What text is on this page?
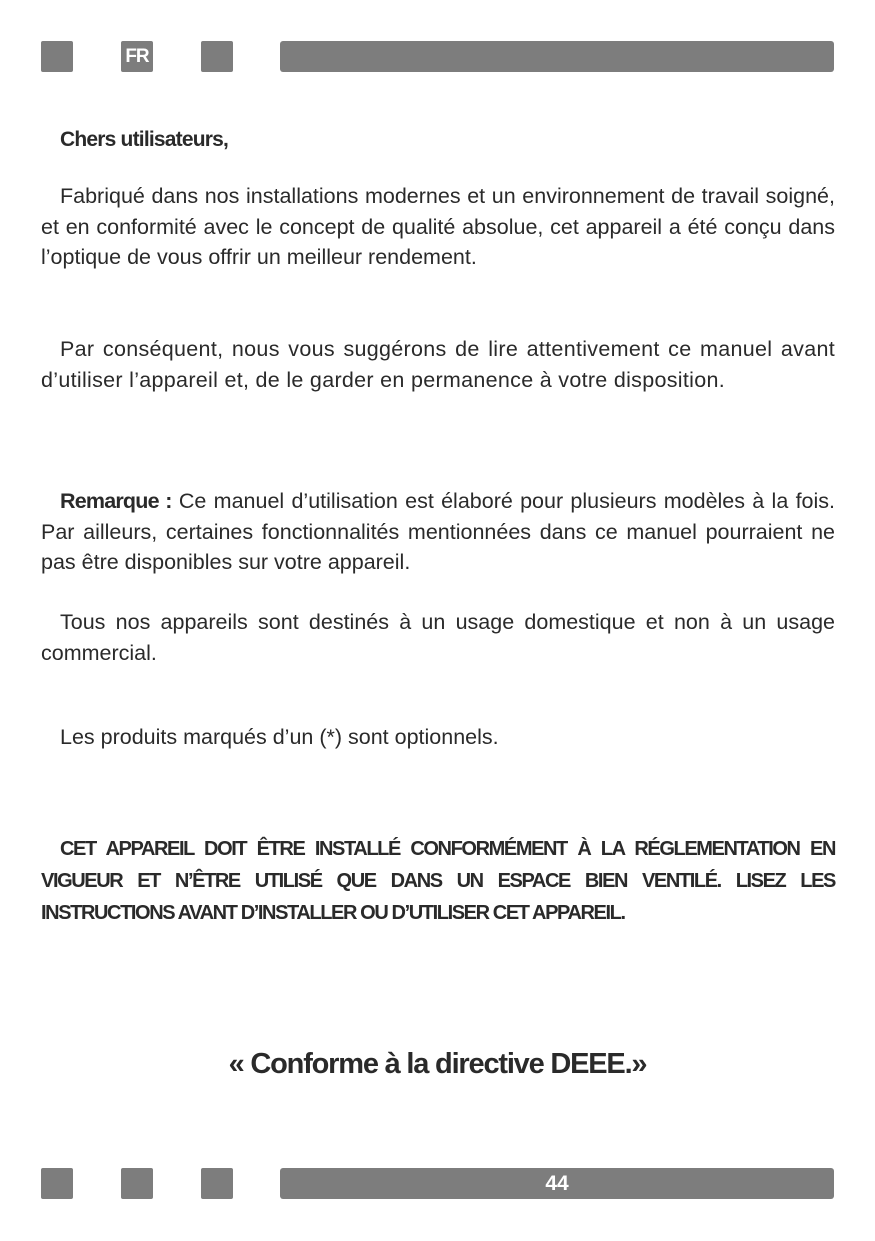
FR

Chers utilisateurs,

Fabriqué dans nos installations modernes et un environnement de travail soigné, et en conformité avec le concept de qualité absolue, cet appareil a été conçu dans l’optique de vous offrir un meilleur rendement.

Par conséquent, nous vous suggérons de lire attentivement ce manuel avant d’utiliser l’appareil et, de le garder en permanence à votre disposition.

Remarque : Ce manuel d’utilisation est élaboré pour plusieurs modèles à la fois. Par ailleurs, certaines fonctionnalités mentionnées dans ce manuel pourraient ne pas être disponibles sur votre appareil.

Tous nos appareils sont destinés à un usage domestique et non à un usage commercial.

Les produits marqués d’un (*) sont optionnels.

CET APPAREIL DOIT ÊTRE INSTALLÉ CONFORMÉMENT À LA RÉGLEMENTATION EN VIGUEUR ET N’ÊTRE UTILISÉ QUE DANS UN ESPACE BIEN VENTILÉ. LISEZ LES INSTRUCTIONS AVANT D’INSTALLER OU D’UTILISER CET APPAREIL.

« Conforme à la directive DEEE.»

44
